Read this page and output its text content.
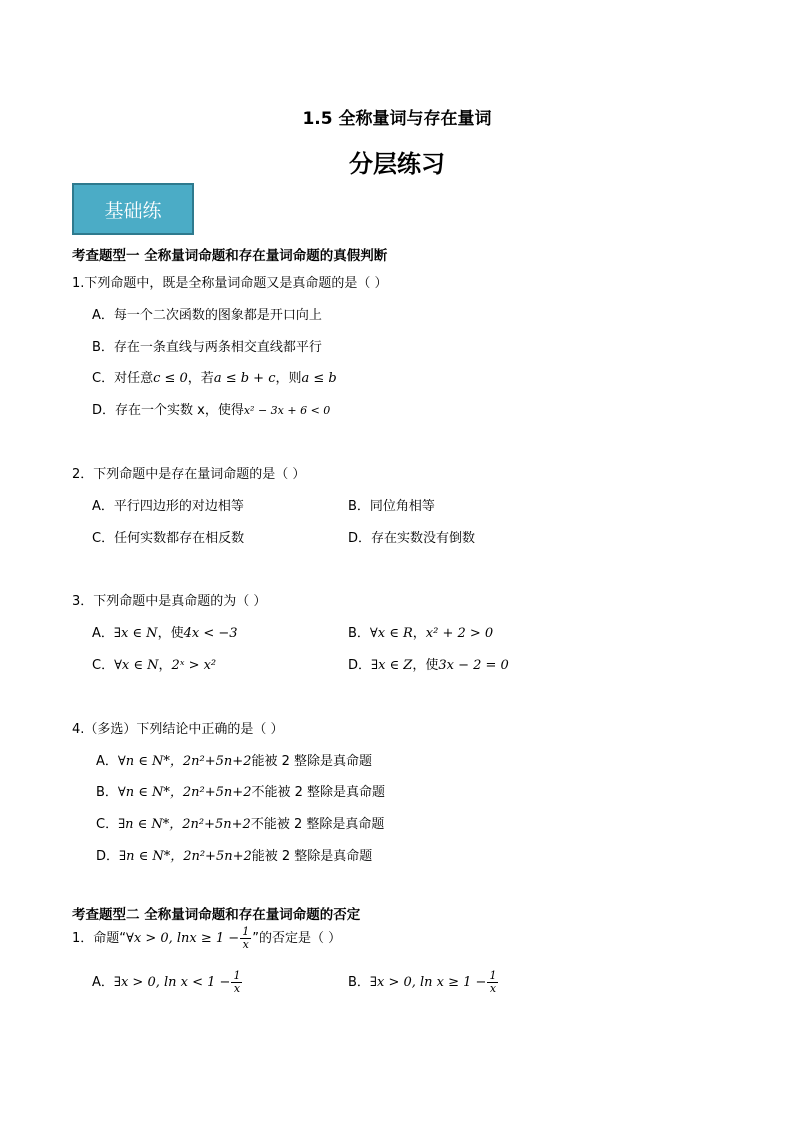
1.5 全称量词与存在量词
分层练习
基础练
考查题型一 全称量词命题和存在量词命题的真假判断
1.下列命题中，既是全称量词命题又是真命题的是（ ）
A．每一个二次函数的图象都是开口向上
B．存在一条直线与两条相交直线都平行
C．对任意c ≤ 0，若a ≤ b + c，则a ≤ b
D．存在一个实数 x，使得x² − 3x + 6 < 0
2．下列命题中是存在量词命题的是（ ）
A．平行四边形的对边相等	B．同位角相等
C．任何实数都存在相反数	D．存在实数没有倒数
3．下列命题中是真命题的为（ ）
A．∃x ∈ N，使4x < −3	B．∀x ∈ R，x² + 2 > 0
C．∀x ∈ N，2ˣ > x²	D．∃x ∈ Z，使3x − 2 = 0
4.（多选）下列结论中正确的是（ ）
A．∀n ∈ N*，2n²+5n+2能被 2 整除是真命题
B．∀n ∈ N*，2n²+5n+2不能被 2 整除是真命题
C．∃n ∈ N*，2n²+5n+2不能被 2 整除是真命题
D．∃n ∈ N*，2n²+5n+2能被 2 整除是真命题
考查题型二 全称量词命题和存在量词命题的否定
1．命题“∀x > 0, $\ln x \ge 1 - \frac{1}{x}$ ”的否定是（ ）
A．∃x > 0, $\ln x < 1 - \frac{1}{x}$	B．∃x > 0, $\ln x \ge 1 - \frac{1}{x}$
